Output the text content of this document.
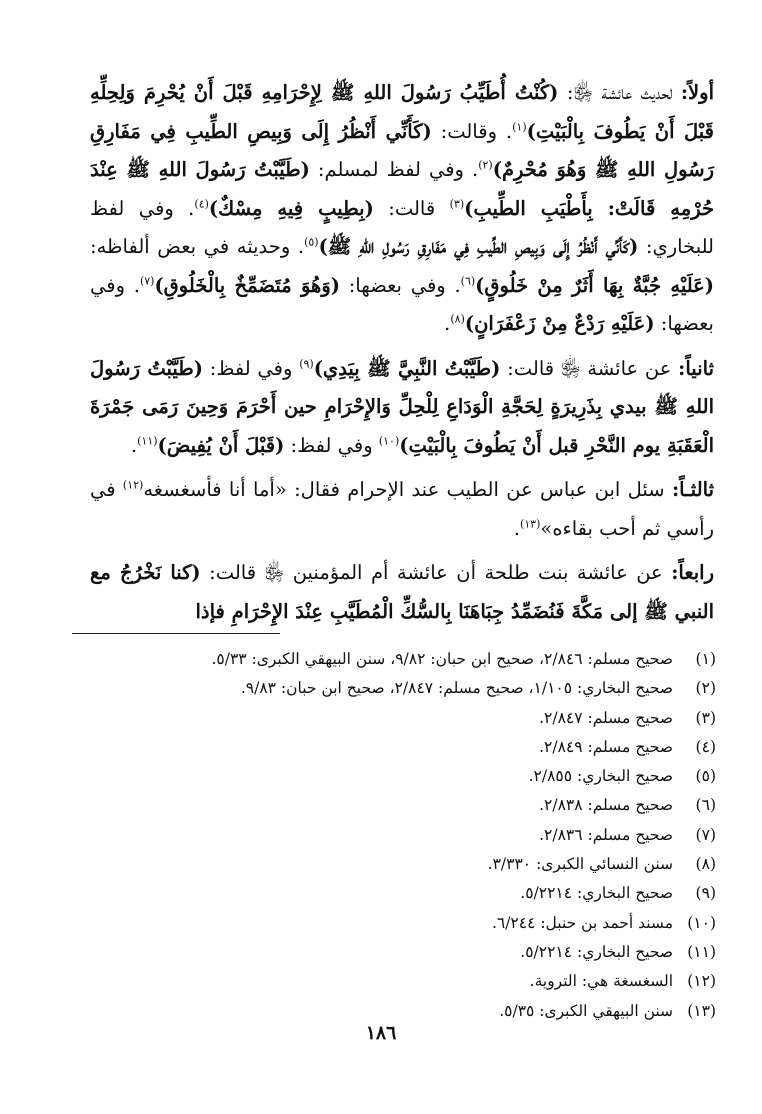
أولاً: لحديث عائشة ﵂: (كُنْتُ أُطَيِّبُ رَسُولَ اللهِ ﷺ لِإِحْرَامِهِ قَبْلَ أَنْ يُحْرِمَ وَلِحِلِّهِ قَبْلَ أَنْ يَطُوفَ بِالْبَيْتِ)$^{(١)}$. وقالت: (كَأَنِّي أَنْظُرُ إِلَى وَبِيصِ الطِّيبِ فِي مَفَارِقِ رَسُولِ اللهِ ﷺ وَهُوَ مُحْرِمٌ)$^{(٢)}$. وفي لفظ لمسلم: (طَيَّبْتُ رَسُولَ اللهِ ﷺ عِنْدَ حُرْمِهِ قَالَتْ: بِأَطْيَبِ الطِّيبِ)$^{(٣)}$ قالت: (بِطِيبٍ فِيهِ مِسْكٌ)$^{(٤)}$. وفي لفظ للبخاري: (كَأَنِّي أَنْظُرُ إِلَى وَبِيصِ الطِّيبِ فِي مَفَارِقِ رَسُولِ اللهِ ﷺ)$^{(٥)}$. وحديثه في بعض ألفاظه: (عَلَيْهِ جُبَّةٌ بِهَا أَثَرٌ مِنْ خَلُوقٍ)$^{(٦)}$. وفي بعضها: (وَهُوَ مُتَضَمِّخٌ بِالْخَلُوقِ)$^{(٧)}$. وفي بعضها: (عَلَيْهِ رَدْعٌ مِنْ زَعْفَرَانٍ)$^{(٨)}$.

ثانياً: عن عائشة ﵂ قالت: (طَيَّبْتُ النَّبِيَّ ﷺ بِيَدِي)$^{(٩)}$ وفي لفظ: (طَيَّبْتُ رَسُولَ اللهِ ﷺ بيدي بِذَرِيرَةٍ لِحَجَّةِ الْوَدَاعِ لِلْحِلِّ وَالإِحْرَامِ حين أَحْرَمَ وَحِينَ رَمَى جَمْرَةَ الْعَقَبَةِ يوم النَّحْرِ قبل أَنْ يَطُوفَ بِالْبَيْتِ)$^{(١٠)}$ وفي لفظ: (قَبْلَ أَنْ يُفِيضَ)$^{(١١)}$.

ثالثـاً: سئل ابن عباس عن الطيب عند الإحرام فقال: «أما أنا فأسغسغه$^{(١٢)}$ في رأسي ثم أحب بقاءه»$^{(١٣)}$.

رابعاً: عن عائشة بنت طلحة أن عائشة أم المؤمنين ﵂ قالت: (كنا نَخْرُجُ مع النبي ﷺ إلى مَكَّةَ فَنُضَمِّدُ جِبَاهَنَا بِالسُّكِّ الْمُطَيَّبِ عِنْدَ الإِحْرَامِ فإذا

(١) صحيح مسلم: ٢/٨٤٦، صحيح ابن حبان: ٩/٨٢، سنن البيهقي الكبرى: ٥/٣٣.
(٢) صحيح البخاري: ١/١٠٥، صحيح مسلم: ٢/٨٤٧، صحيح ابن حبان: ٩/٨٣.
(٣) صحيح مسلم: ٢/٨٤٧.
(٤) صحيح مسلم: ٢/٨٤٩.
(٥) صحيح البخاري: ٢/٨٥٥.
(٦) صحيح مسلم: ٢/٨٣٨.
(٧) صحيح مسلم: ٢/٨٣٦.
(٨) سنن النسائي الكبرى: ٣/٣٣٠.
(٩) صحيح البخاري: ٥/٢٢١٤.
(١٠) مسند أحمد بن حنبل: ٦/٢٤٤.
(١١) صحيح البخاري: ٥/٢٢١٤.
(١٢) السغسغة هي: التروية.
(١٣) سنن البيهقي الكبرى: ٥/٣٥.
١٨٦
